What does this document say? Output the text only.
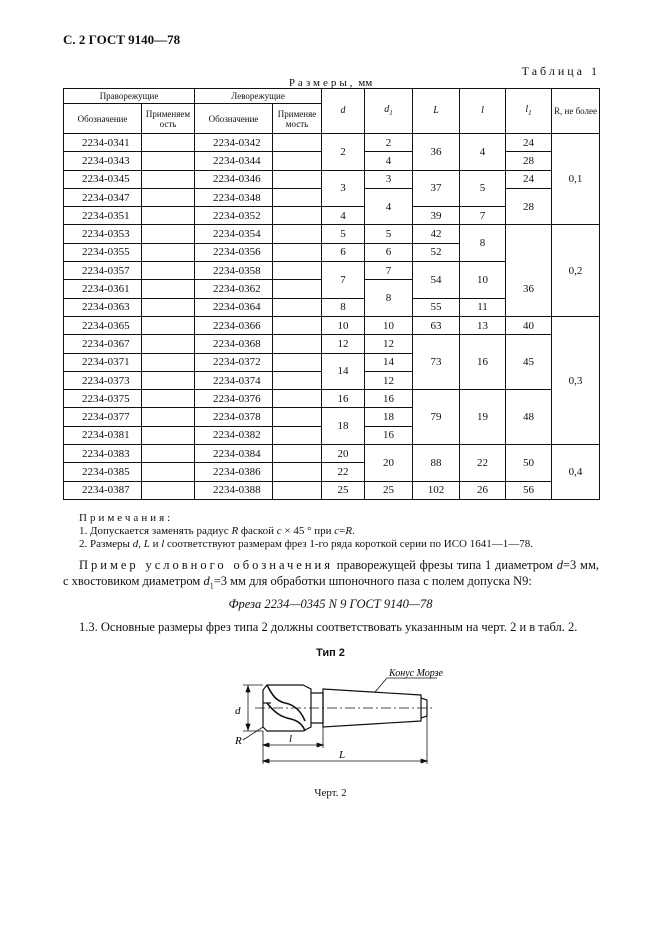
С. 2 ГОСТ 9140—78
Таблица 1
Размеры, мм
Праворежущие		Леворежущие		d	$d_1$	L	l	$l_1$	R, не более
Обозначение	Применяемость	Обозначение	Применяемость						
2234-0341		2234-0342		2	2	36	4	24	0,1
2234-0343		2234-0344			4			28	
2234-0345		2234-0346		3	3	37	5	24	
2234-0347		2234-0348			4			28	
2234-0351		2234-0352		4		39	7		
2234-0353		2234-0354		5	5	42	8		0,2
2234-0355		2234-0356		6	6	52			
2234-0357		2234-0358		7	7	54	10	36	
2234-0361		2234-0362			8				
2234-0363		2234-0364		8		55	11		
2234-0365		2234-0366		10	10	63	13	40	0,3
2234-0367		2234-0368		12	12	73	16	45	
2234-0371		2234-0372		14	14				
2234-0373		2234-0374			12				
2234-0375		2234-0376		16	16	79	19	48	
2234-0377		2234-0378		18	18				
2234-0381		2234-0382			16				
2234-0383		2234-0384		20	20	88	22	50	0,4
2234-0385		2234-0386		22					
2234-0387		2234-0388		25	25	102	26	56	
Примечания:
1. Допускается заменять радиус R фаской c × 45 ° при c=R.
2. Размеры d, L и l соответствуют размерам фрез 1-го ряда короткой серии по ИСО 1641—1—78.
Пример условного обозначения праворежущей фрезы типа 1 диаметром d=3 мм, с хвостовиком диаметром $d_1=3$ мм для обработки шпоночного паза с полем допуска N9:
Фреза 2234—0345 N 9 ГОСТ 9140—78
1.3. Основные размеры фрез типа 2 должны соответствовать указанным на черт. 2 и в табл. 2.
Тип 2
d
R	l
L
Конус Морзе
Черт. 2
